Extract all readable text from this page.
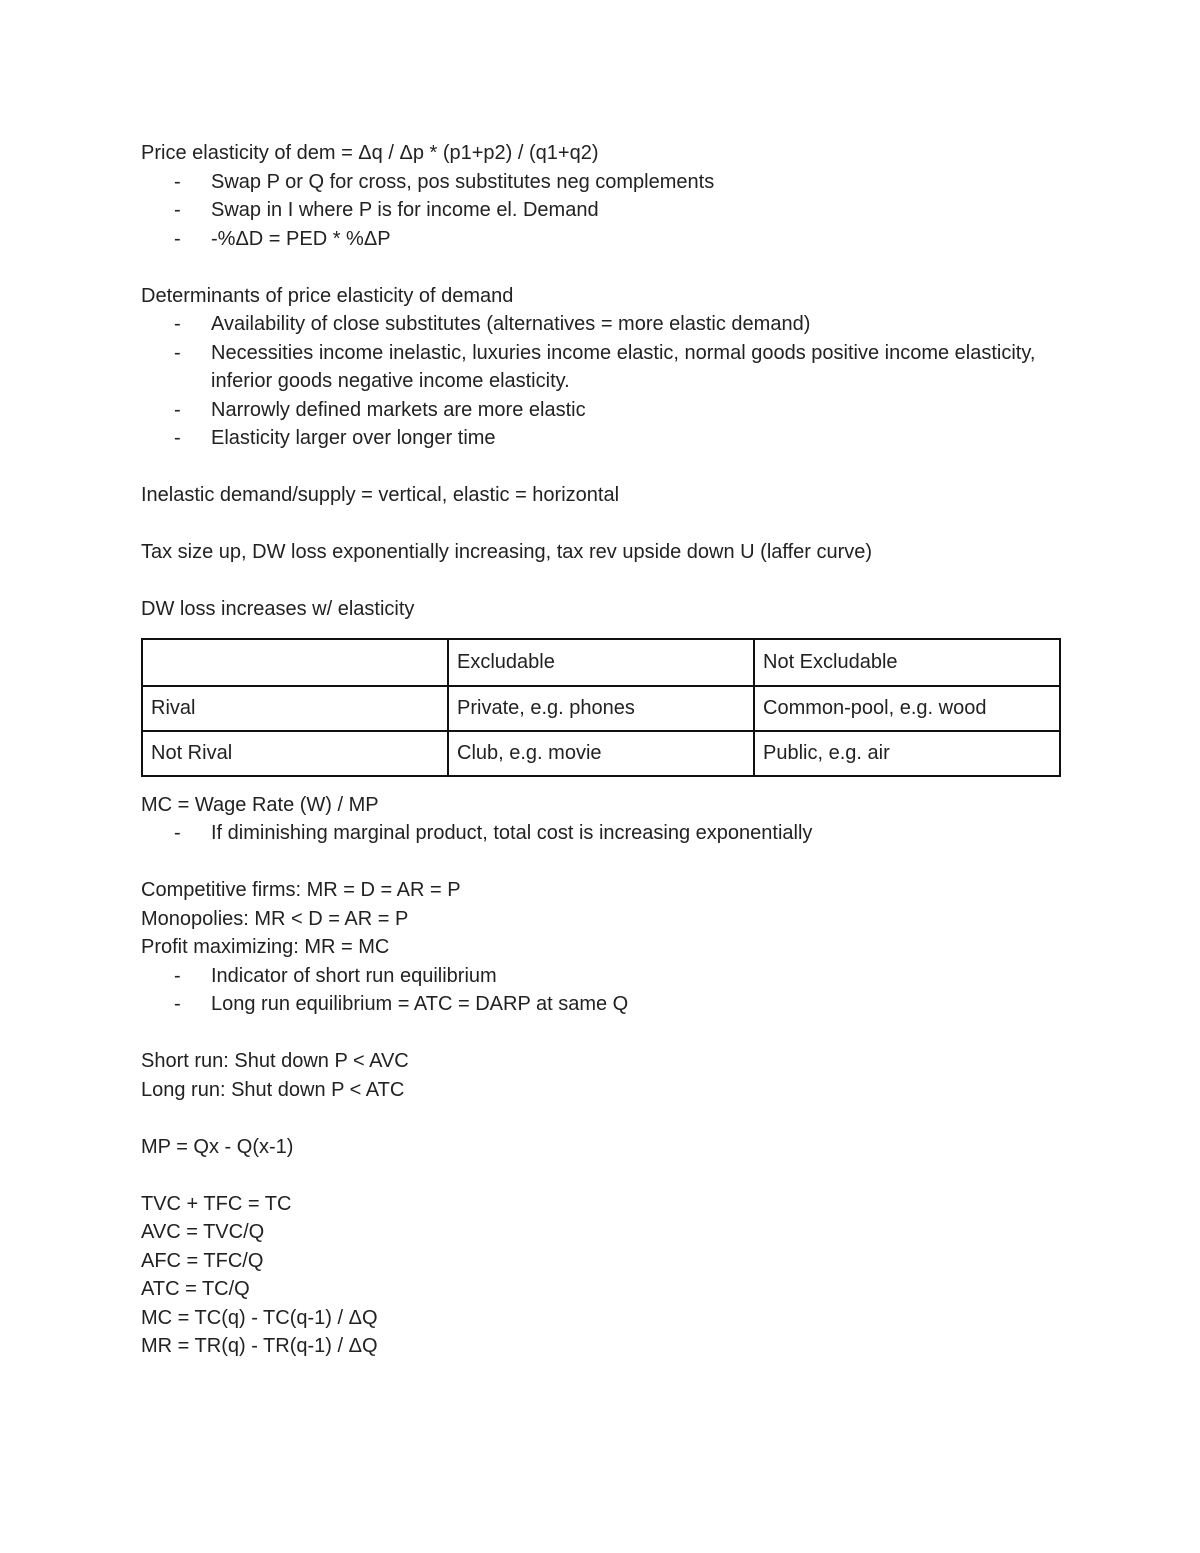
Price elasticity of dem = Δq / Δp * (p1+p2) / (q1+q2)
- Swap P or Q for cross, pos substitutes neg complements
- Swap in I where P is for income el. Demand
- -%ΔD = PED * %ΔP
Determinants of price elasticity of demand
- Availability of close substitutes (alternatives = more elastic demand)
- Necessities income inelastic, luxuries income elastic, normal goods positive income elasticity, inferior goods negative income elasticity.
- Narrowly defined markets are more elastic
- Elasticity larger over longer time
Inelastic demand/supply = vertical, elastic = horizontal
Tax size up, DW loss exponentially increasing, tax rev upside down U (laffer curve)
DW loss increases w/ elasticity
	Excludable	Not Excludable
Rival	Private, e.g. phones	Common-pool, e.g. wood
Not Rival	Club, e.g. movie	Public, e.g. air
MC = Wage Rate (W) / MP
- If diminishing marginal product, total cost is increasing exponentially
Competitive firms: MR = D = AR = P
Monopolies: MR < D = AR = P
Profit maximizing: MR = MC
- Indicator of short run equilibrium
- Long run equilibrium = ATC = DARP at same Q
Short run: Shut down P < AVC
Long run: Shut down P < ATC
MP = Qx - Q(x-1)
TVC + TFC = TC
AVC = TVC/Q
AFC = TFC/Q
ATC = TC/Q
MC = TC(q) - TC(q-1) / ΔQ
MR = TR(q) - TR(q-1) / ΔQ
